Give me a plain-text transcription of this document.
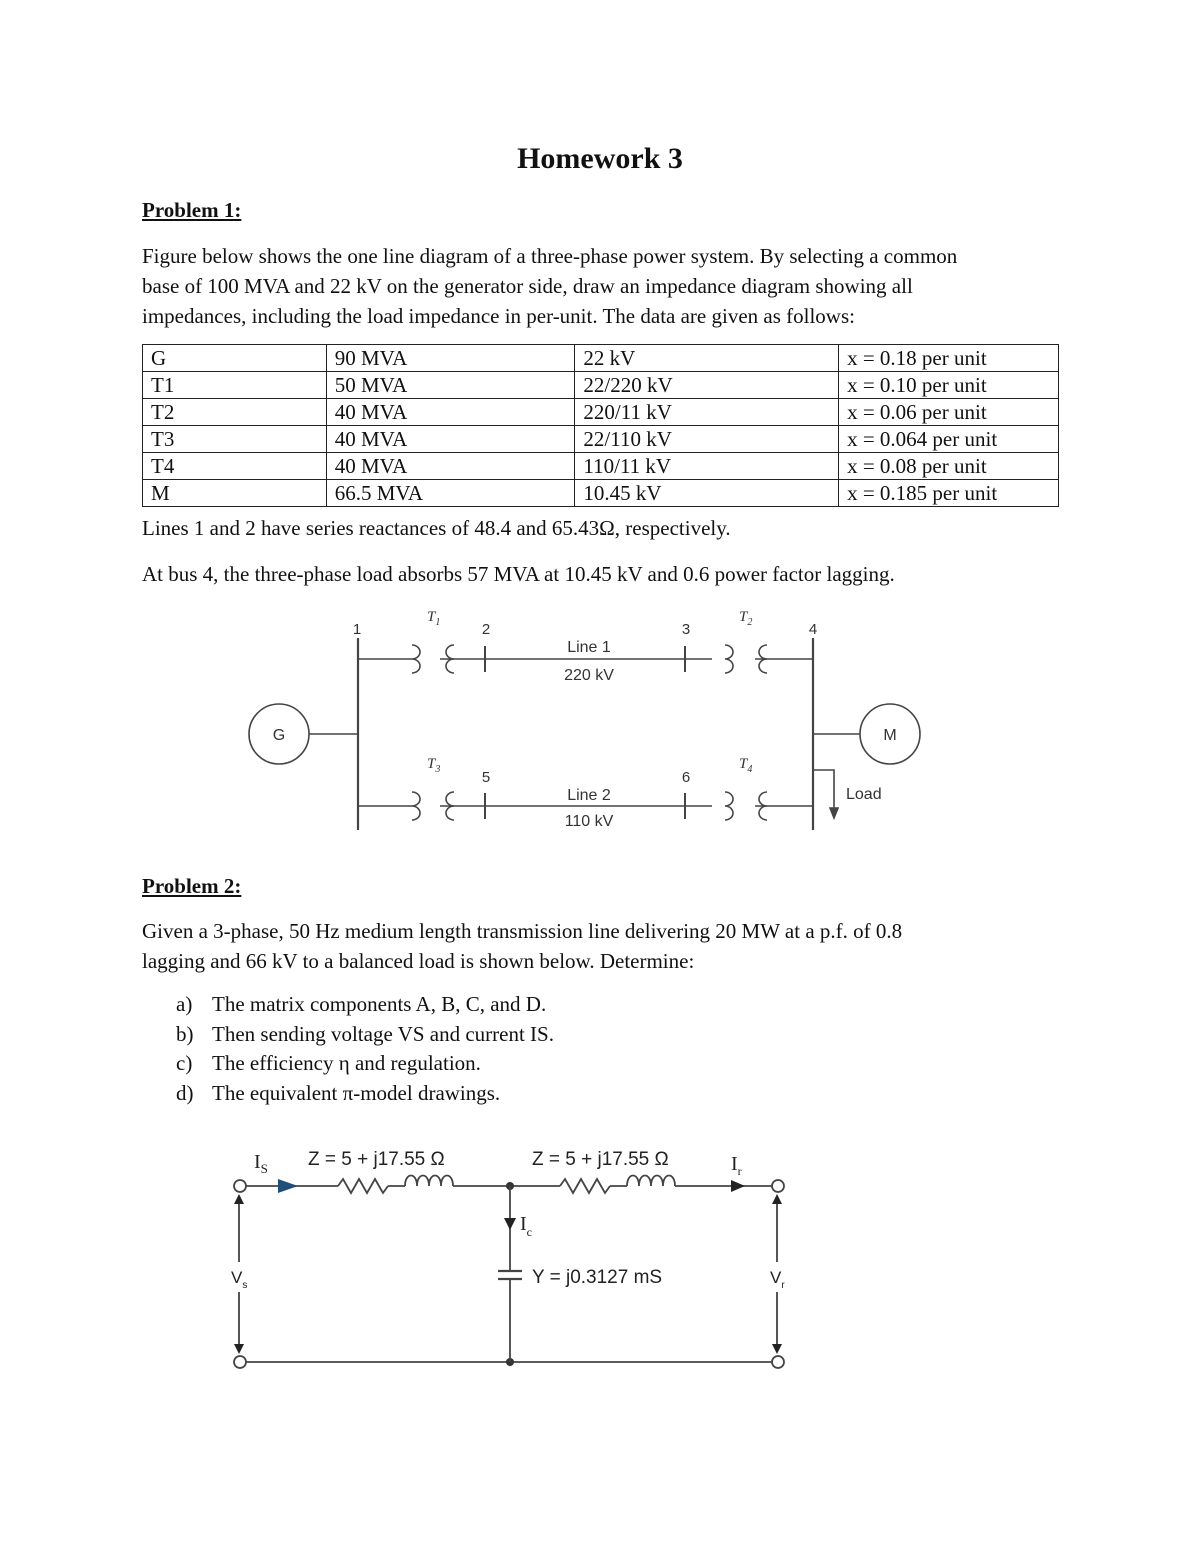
Homework 3
Problem 1:
Figure below shows the one line diagram of a three-phase power system. By selecting a common
base of 100 MVA and 22 kV on the generator side, draw an impedance diagram showing all
impedances, including the load impedance in per-unit. The data are given as follows:
G	90 MVA	22 kV	x = 0.18 per unit
T1	50 MVA	22/220 kV	x = 0.10 per unit
T2	40 MVA	220/11 kV	x = 0.06 per unit
T3	40 MVA	22/110 kV	x = 0.064 per unit
T4	40 MVA	110/11 kV	x = 0.08 per unit
M	66.5 MVA	10.45 kV	x = 0.185 per unit
Lines 1 and 2 have series reactances of 48.4 and 65.43Ω, respectively.
At bus 4, the three-phase load absorbs 57 MVA at 10.45 kV and 0.6 power factor lagging.
G	M
Load
1	2	3	4
5	6
Line 1
220 kV
Line 2
110 kV
$T_1$	$T_2$
$T_3$	$T_4$
Problem 2:
Given a 3-phase, 50 Hz medium length transmission line delivering 20 MW at a p.f. of 0.8
lagging and 66 kV to a balanced load is shown below. Determine:
a) The matrix components A, B, C, and D.
b) Then sending voltage VS and current IS.
c) The efficiency η and regulation.
d) The equivalent π-model drawings.
Z = 5 + j17.55 Ω	Z = 5 + j17.55 Ω
Y = j0.3127 mS
$I_S$	$I_r$
$I_c$
$V_s$	$V_r$
